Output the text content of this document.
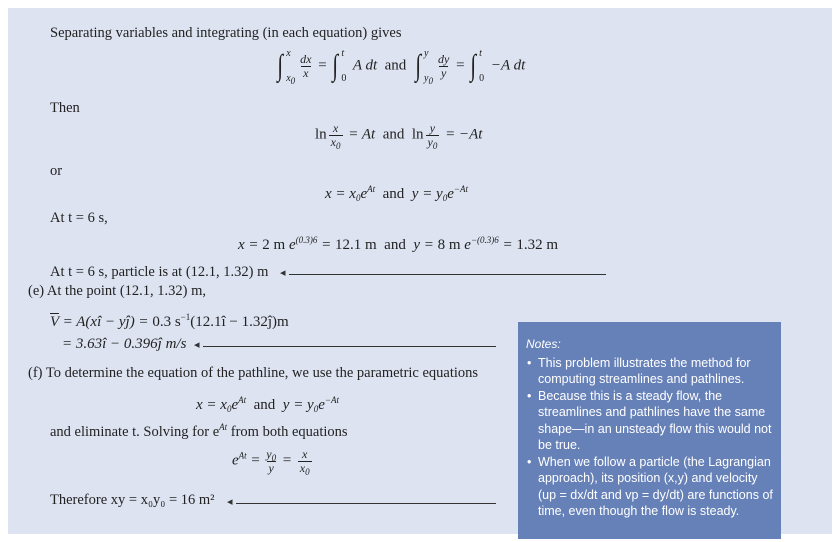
Separating variables and integrating (in each equation) gives
∫ x
$x_0$
$\frac{dx}{x}$ = ∫ t
0
A dt  and ∫ y
$y_0$
$\frac{dy}{y}$ = ∫ t
0
−A dt
Then
$\ln \frac{x}{x_0} = At$  and $\ln \frac{y}{y_0} = -At$
or
$x = x_0e^{At}$ and  $y = y_0e^{-At}$
At t = 6 s,
x = 2 m $e^{(0.3)6} = 12.1$ m and  y = 8 m $e^{-(0.3)6} = 1.32$ m
At t = 6 s, particle is at (12.1, 1.32) m ◂
(e) At the point (12.1, 1.32) m,
$\overline{V}$ = A(xî − yĵ) = 0.3 $s^{-1}(12.1î$ − 1.32ĵ)m
= 3.63î − 0.396ĵ m/s ◂
(f) To determine the equation of the pathline, we use the parametric equations
$x = x_0e^{At}$ and  $y = y_0e^{-At}$
and eliminate t. Solving for $e^{At}$ from both equations
$e^{At} = \frac{y_0}{y} = \frac{x}{x_0}$
Therefore xy = x₀y₀ = 16 m² ◂
Notes:
• This problem illustrates the method for computing streamlines and pathlines.
• Because this is a steady flow, the streamlines and pathlines have the same shape—in an unsteady flow this would not be true.
• When we follow a particle (the Lagrangian approach), its position (x,y) and velocity (up = dx/dt and vp = dy/dt) are functions of time, even though the flow is steady.
